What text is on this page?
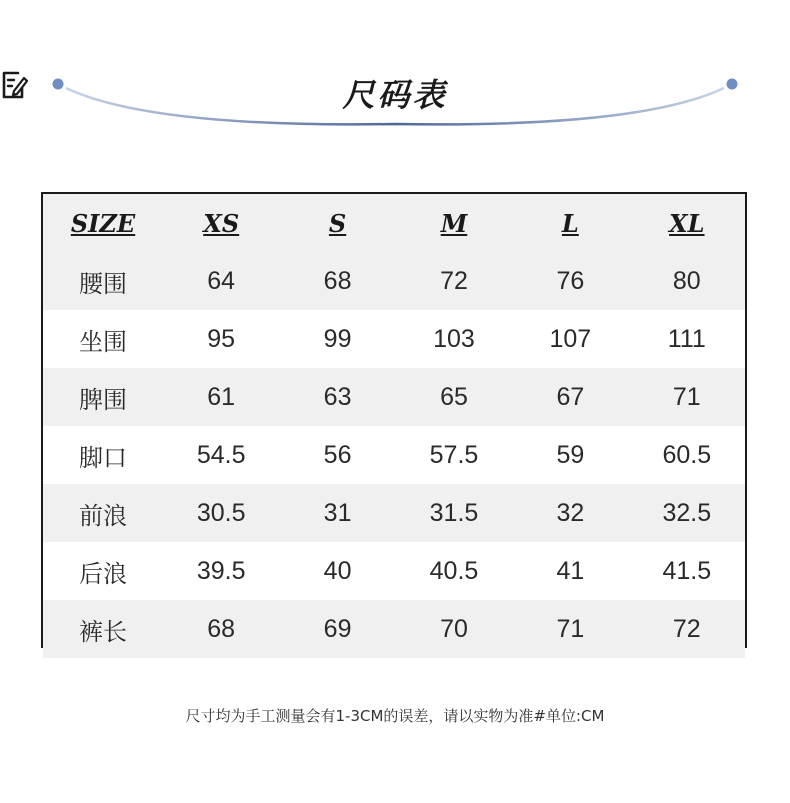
尺码表
SIZE	XS	S	M	L	XL
腰围	64	68	72	76	80
坐围	95	99	103	107	111
脾围	61	63	65	67	71
脚口	54.5	56	57.5	59	60.5
前浪	30.5	31	31.5	32	32.5
后浪	39.5	40	40.5	41	41.5
裤长	68	69	70	71	72
尺寸均为手工测量会有1-3CM的误差，请以实物为准#单位:CM
